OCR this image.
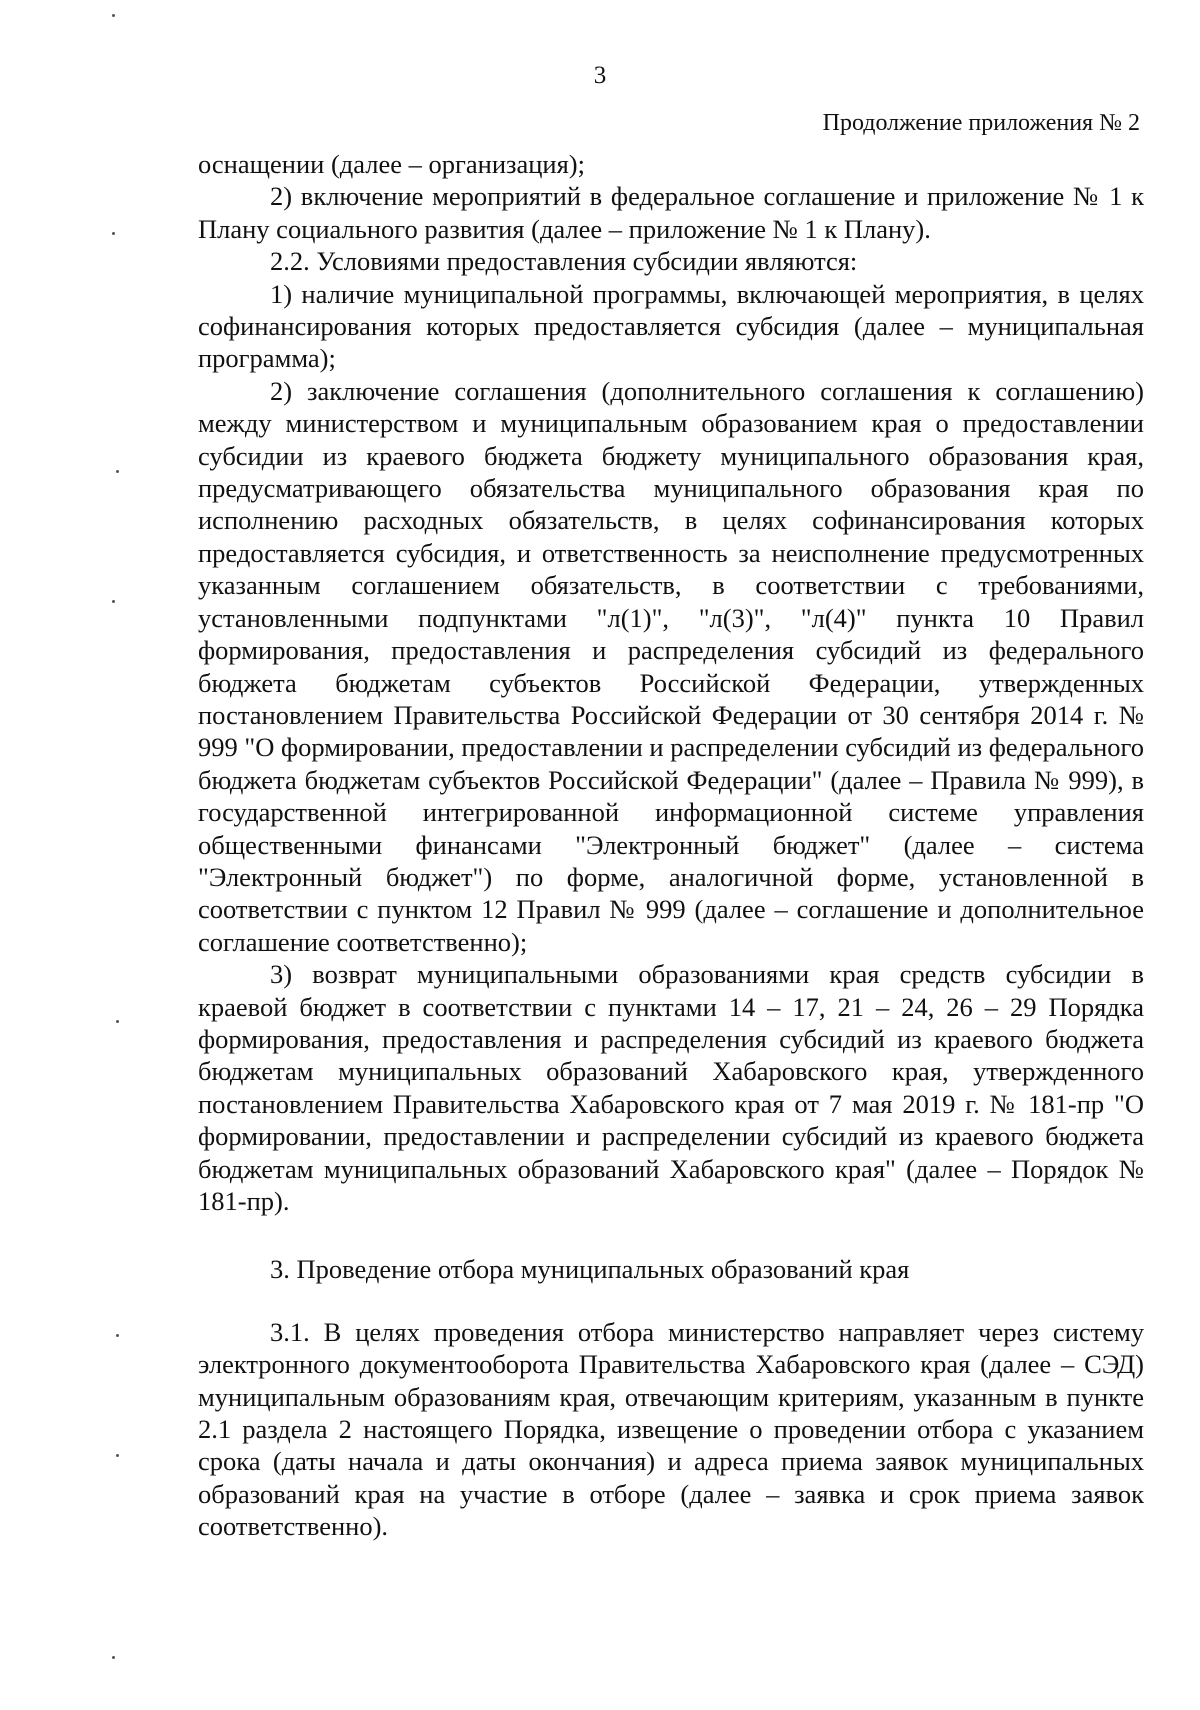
3
Продолжение приложения № 2

оснащении (далее – организация);

2) включение мероприятий в федеральное соглашение и приложение № 1 к Плану социального развития (далее – приложение № 1 к Плану).

2.2. Условиями предоставления субсидии являются:

1) наличие муниципальной программы, включающей мероприятия, в целях софинансирования которых предоставляется субсидия (далее – муниципальная программа);

2) заключение соглашения (дополнительного соглашения к соглашению) между министерством и муниципальным образованием края о предоставлении субсидии из краевого бюджета бюджету муниципального образования края, предусматривающего обязательства муниципального образования края по исполнению расходных обязательств, в целях софинансирования которых предоставляется субсидия, и ответственность за неисполнение предусмотренных указанным соглашением обязательств, в соответствии с требованиями, установленными подпунктами "л(1)", "л(3)", "л(4)" пункта 10 Правил формирования, предоставления и распределения субсидий из федерального бюджета бюджетам субъектов Российской Федерации, утвержденных постановлением Правительства Российской Федерации от 30 сентября 2014 г. № 999 "О формировании, предоставлении и распределении субсидий из федерального бюджета бюджетам субъектов Российской Федерации" (далее – Правила № 999), в государственной интегрированной информационной системе управления общественными финансами "Электронный бюджет" (далее – система "Электронный бюджет") по форме, аналогичной форме, установленной в соответствии с пунктом 12 Правил № 999 (далее – соглашение и дополнительное соглашение соответственно);

3) возврат муниципальными образованиями края средств субсидии в краевой бюджет в соответствии с пунктами 14 – 17, 21 – 24, 26 – 29 Порядка формирования, предоставления и распределения субсидий из краевого бюджета бюджетам муниципальных образований Хабаровского края, утвержденного постановлением Правительства Хабаровского края от 7 мая 2019 г. № 181-пр "О формировании, предоставлении и распределении субсидий из краевого бюджета бюджетам муниципальных образований Хабаровского края" (далее – Порядок № 181-пр).

3. Проведение отбора муниципальных образований края

3.1. В целях проведения отбора министерство направляет через систему электронного документооборота Правительства Хабаровского края (далее – СЭД) муниципальным образованиям края, отвечающим критериям, указанным в пункте 2.1 раздела 2 настоящего Порядка, извещение о проведении отбора с указанием срока (даты начала и даты окончания) и адреса приема заявок муниципальных образований края на участие в отборе (далее – заявка и срок приема заявок соответственно).
